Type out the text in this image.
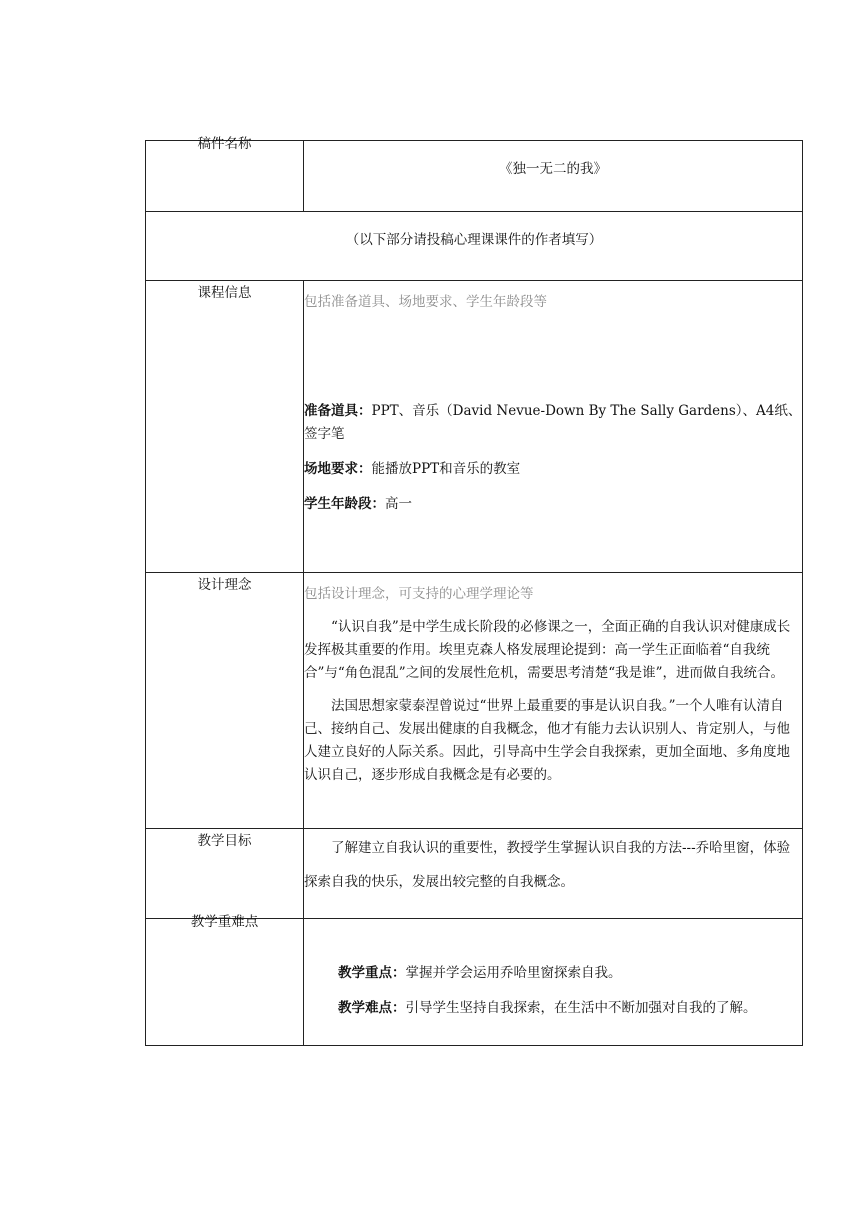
稿件名称	《独一无二的我》

（以下部分请投稿心理课课件的作者填写）	

课程信息	包括准备道具、场地要求、学生年龄段等

准备道具：PPT、音乐（David Nevue-Down By The Sally Gardens）、A4纸、签字笔

场地要求：能播放PPT和音乐的教室

学生年龄段：高一

设计理念	包括设计理念，可支持的心理学理论等

“认识自我”是中学生成长阶段的必修课之一，全面正确的自我认识对健康成长发挥极其重要的作用。埃里克森人格发展理论提到：高一学生正面临着“自我统合”与“角色混乱”之间的发展性危机，需要思考清楚“我是谁”，进而做自我统合。

法国思想家蒙泰涅曾说过“世界上最重要的事是认识自我。”一个人唯有认清自己、接纳自己、发展出健康的自我概念，他才有能力去认识别人、肯定别人，与他人建立良好的人际关系。因此，引导高中生学会自我探索，更加全面地、多角度地认识自己，逐步形成自我概念是有必要的。

教学目标	了解建立自我认识的重要性，教授学生掌握认识自我的方法---乔哈里窗，体验探索自我的快乐，发展出较完整的自我概念。

教学重难点	教学重点：掌握并学会运用乔哈里窗探索自我。

教学难点：引导学生坚持自我探索，在生活中不断加强对自我的了解。
